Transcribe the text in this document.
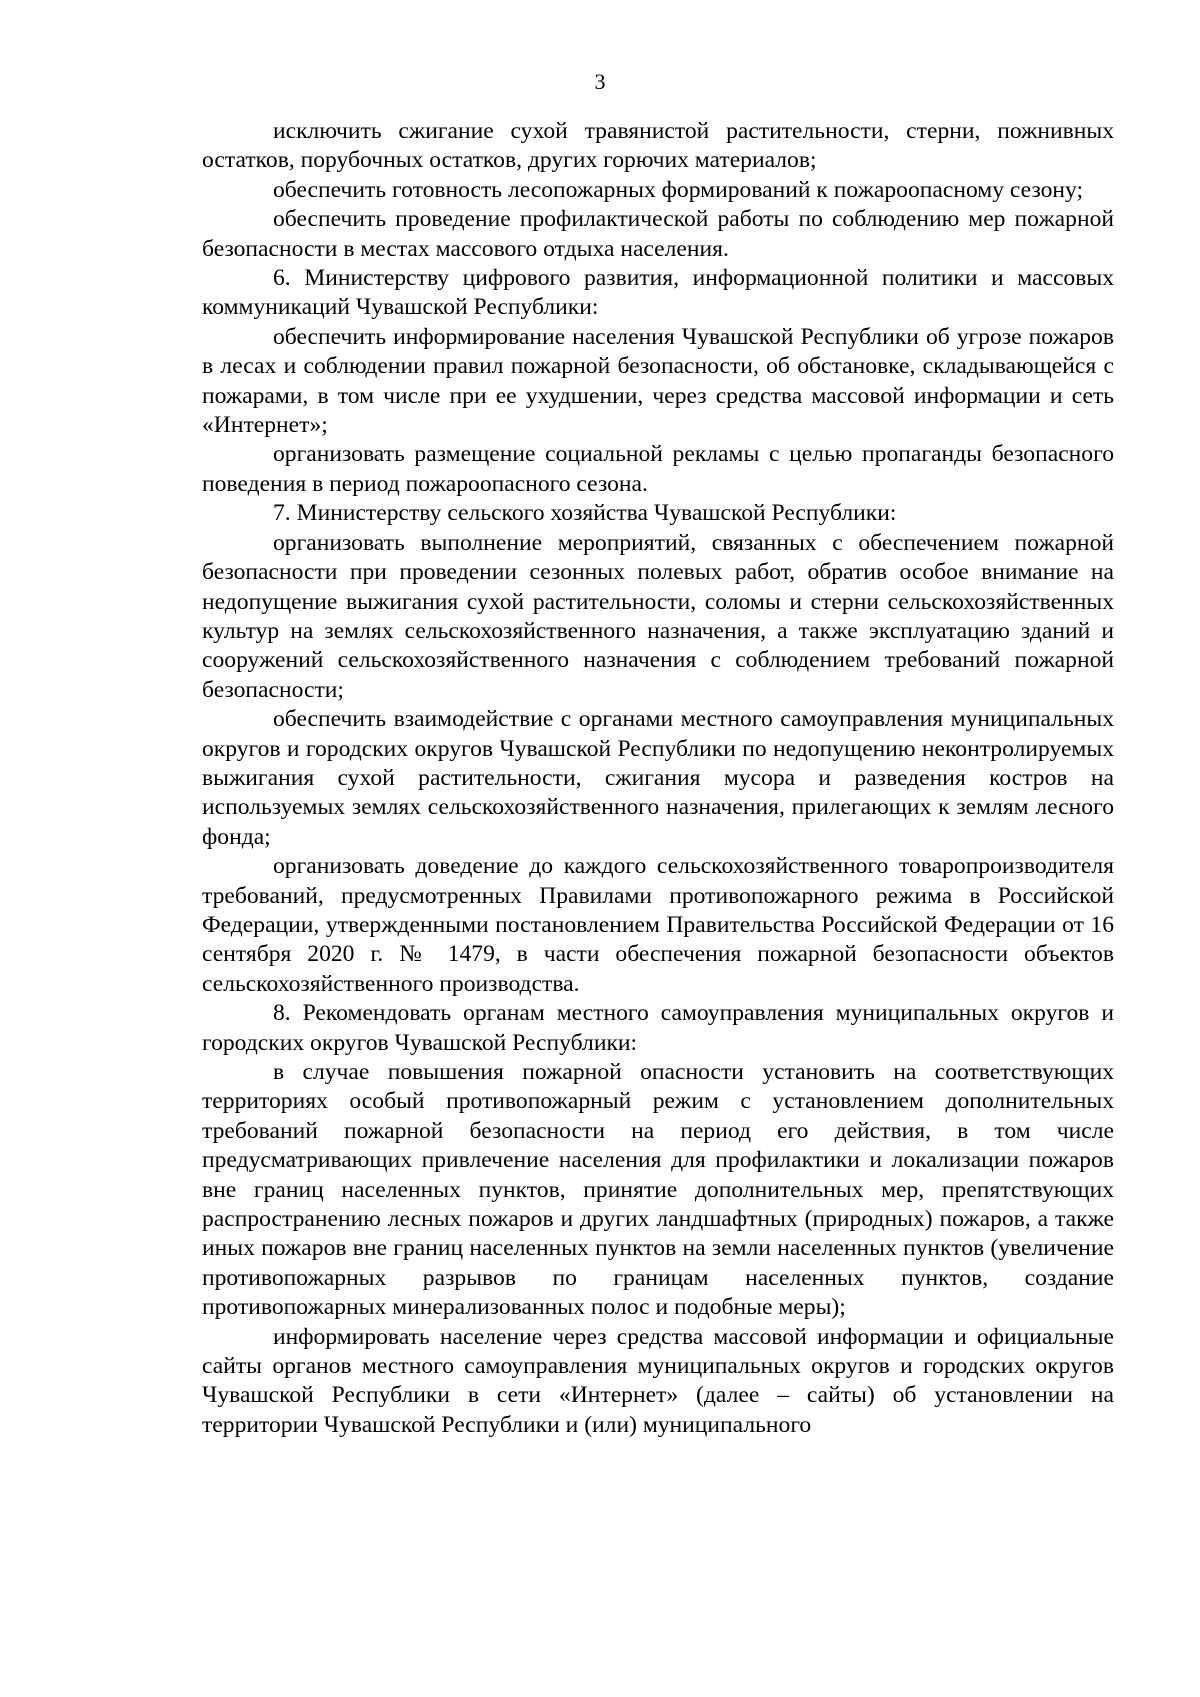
3

исключить сжигание сухой травянистой растительности, стерни, пожнивных остатков, порубочных остатков, других горючих материалов;

обеспечить готовность лесопожарных формирований к пожароопасному сезону;

обеспечить проведение профилактической работы по соблюдению мер пожарной безопасности в местах массового отдыха населения.

6. Министерству цифрового развития, информационной политики и массовых коммуникаций Чувашской Республики:

обеспечить информирование населения Чувашской Республики об угрозе пожаров в лесах и соблюдении правил пожарной безопасности, об обстановке, складывающейся с пожарами, в том числе при ее ухудшении, через средства массовой информации и сеть «Интернет»;

организовать размещение социальной рекламы с целью пропаганды безопасного поведения в период пожароопасного сезона.

7. Министерству сельского хозяйства Чувашской Республики:

организовать выполнение мероприятий, связанных с обеспечением пожарной безопасности при проведении сезонных полевых работ, обратив особое внимание на недопущение выжигания сухой растительности, соломы и стерни сельскохозяйственных культур на землях сельскохозяйственного назначения, а также эксплуатацию зданий и сооружений сельскохозяйственного назначения с соблюдением требований пожарной безопасности;

обеспечить взаимодействие с органами местного самоуправления муниципальных округов и городских округов Чувашской Республики по недопущению неконтролируемых выжигания сухой растительности, сжигания мусора и разведения костров на используемых землях сельскохозяйственного назначения, прилегающих к землям лесного фонда;

организовать доведение до каждого сельскохозяйственного товаропроизводителя требований, предусмотренных Правилами противопожарного режима в Российской Федерации, утвержденными постановлением Правительства Российской Федерации от 16 сентября 2020 г. № 1479, в части обеспечения пожарной безопасности объектов сельскохозяйственного производства.

8. Рекомендовать органам местного самоуправления муниципальных округов и городских округов Чувашской Республики:

в случае повышения пожарной опасности установить на соответствующих территориях особый противопожарный режим с установлением дополнительных требований пожарной безопасности на период его действия, в том числе предусматривающих привлечение населения для профилактики и локализации пожаров вне границ населенных пунктов, принятие дополнительных мер, препятствующих распространению лесных пожаров и других ландшафтных (природных) пожаров, а также иных пожаров вне границ населенных пунктов на земли населенных пунктов (увеличение противопожарных разрывов по границам населенных пунктов, создание противопожарных минерализованных полос и подобные меры);

информировать население через средства массовой информации и официальные сайты органов местного самоуправления муниципальных округов и городских округов Чувашской Республики в сети «Интернет» (далее – сайты) об установлении на территории Чувашской Республики и (или) муниципального
